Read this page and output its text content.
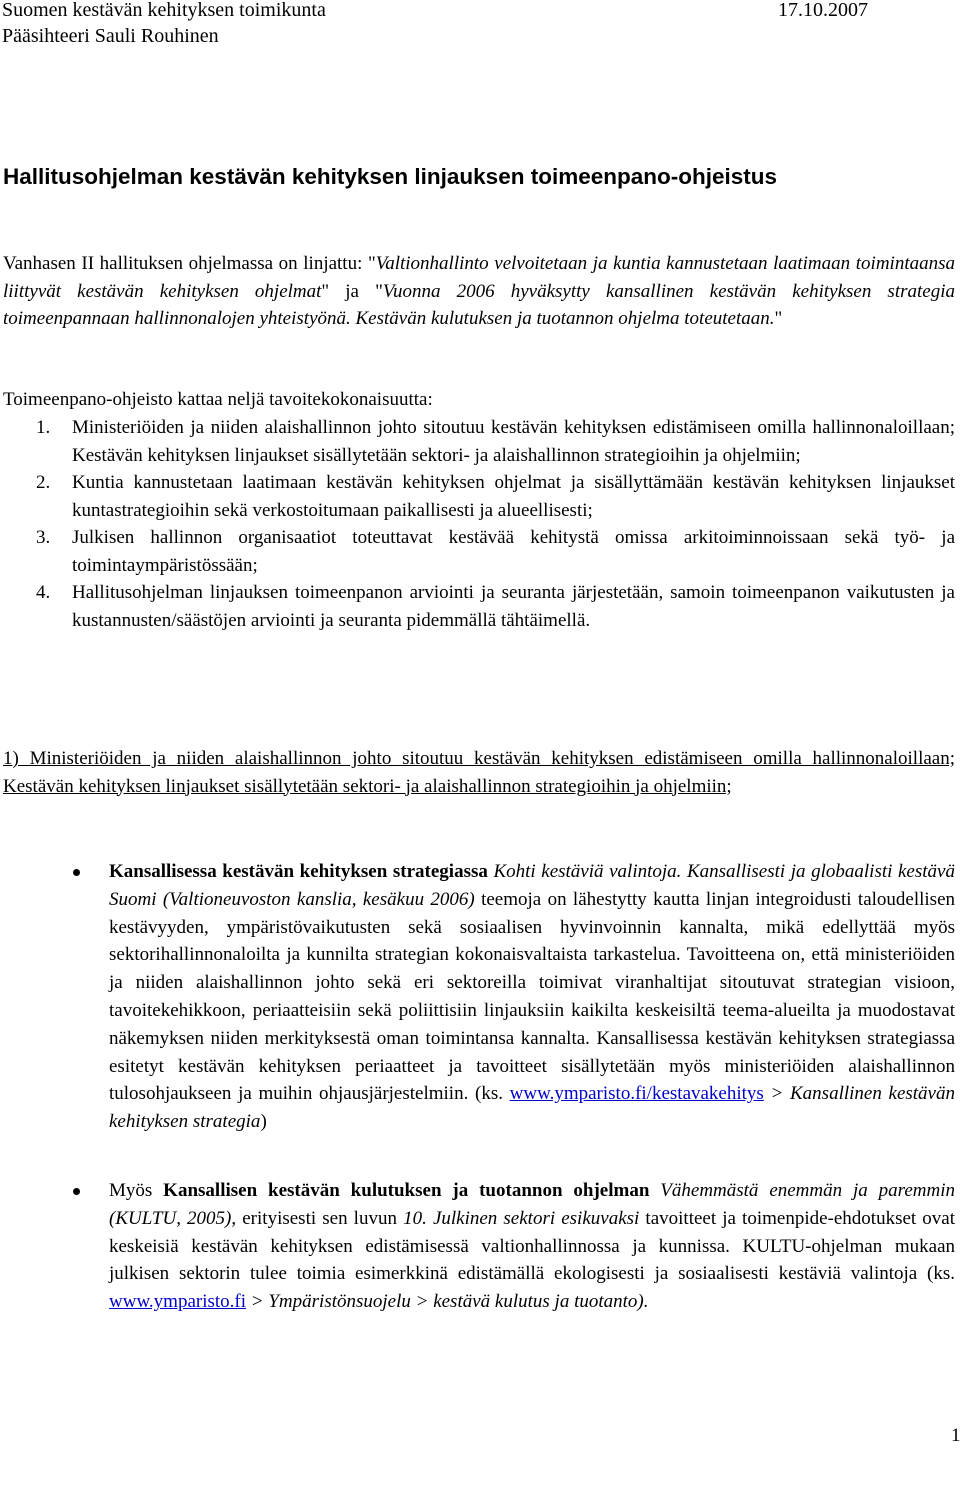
Suomen kestävän kehityksen toimikunta	17.10.2007
Pääsihteeri Sauli Rouhinen
Hallitusohjelman kestävän kehityksen linjauksen toimeenpano-ohjeistus

Vanhasen II hallituksen ohjelmassa on linjattu: "Valtionhallinto velvoitetaan ja kuntia kannustetaan laatimaan toimintaansa liittyvät kestävän kehityksen ohjelmat" ja "Vuonna 2006 hyväksytty kansallinen kestävän kehityksen strategia toimeenpannaan hallinnonalojen yhteistyönä. Kestävän kulutuksen ja tuotannon ohjelma toteutetaan."

Toimeenpano-ohjeisto kattaa neljä tavoitekokonaisuutta:

1. Ministeriöiden ja niiden alaishallinnon johto sitoutuu kestävän kehityksen edistämiseen omilla hallinnonaloillaan; Kestävän kehityksen linjaukset sisällytetään sektori- ja alaishallinnon strategioihin ja ohjelmiin;
2. Kuntia kannustetaan laatimaan kestävän kehityksen ohjelmat ja sisällyttämään kestävän kehityksen linjaukset kuntastrategioihin sekä verkostoitumaan paikallisesti ja alueellisesti;
3. Julkisen hallinnon organisaatiot toteuttavat kestävää kehitystä omissa arkitoiminnoissaan sekä työ- ja toimintaympäristössään;
4. Hallitusohjelman linjauksen toimeenpanon arviointi ja seuranta järjestetään, samoin toimeenpanon vaikutusten ja kustannusten/säästöjen arviointi ja seuranta pidemmällä tähtäimellä.

1) Ministeriöiden ja niiden alaishallinnon johto sitoutuu kestävän kehityksen edistämiseen omilla hallinnonaloillaan; Kestävän kehityksen linjaukset sisällytetään sektori- ja alaishallinnon strategioihin ja ohjelmiin;

Kansallisessa kestävän kehityksen strategiassa Kohti kestäviä valintoja. Kansallisesti ja globaalisti kestävä Suomi (Valtioneuvoston kanslia, kesäkuu 2006) teemoja on lähestytty kautta linjan integroidusti taloudellisen kestävyyden, ympäristövaikutusten sekä sosiaalisen hyvinvoinnin kannalta, mikä edellyttää myös sektorihallinnonaloilta ja kunnilta strategian kokonaisvaltaista tarkastelua. Tavoitteena on, että ministeriöiden ja niiden alaishallinnon johto sekä eri sektoreilla toimivat viranhaltijat sitoutuvat strategian visioon, tavoitekehikkoon, periaatteisiin sekä poliittisiin linjauksiin kaikilta keskeisiltä teema-alueilta ja muodostavat näkemyksen niiden merkityksestä oman toimintansa kannalta. Kansallisessa kestävän kehityksen strategiassa esitetyt kestävän kehityksen periaatteet ja tavoitteet sisällytetään myös ministeriöiden alaishallinnon tulosohjaukseen ja muihin ohjausjärjestelmiin. (ks. www.ymparisto.fi/kestavakehitys > Kansallinen kestävän kehityksen strategia)
Myös Kansallisen kestävän kulutuksen ja tuotannon ohjelman Vähemmästä enemmän ja paremmin (KULTU, 2005), erityisesti sen luvun 10. Julkinen sektori esikuvaksi tavoitteet ja toimenpide-ehdotukset ovat keskeisiä kestävän kehityksen edistämisessä valtionhallinnossa ja kunnissa. KULTU-ohjelman mukaan julkisen sektorin tulee toimia esimerkkinä edistämällä ekologisesti ja sosiaalisesti kestäviä valintoja (ks. www.ymparisto.fi > Ympäristönsuojelu > kestävä kulutus ja tuotanto).
1
